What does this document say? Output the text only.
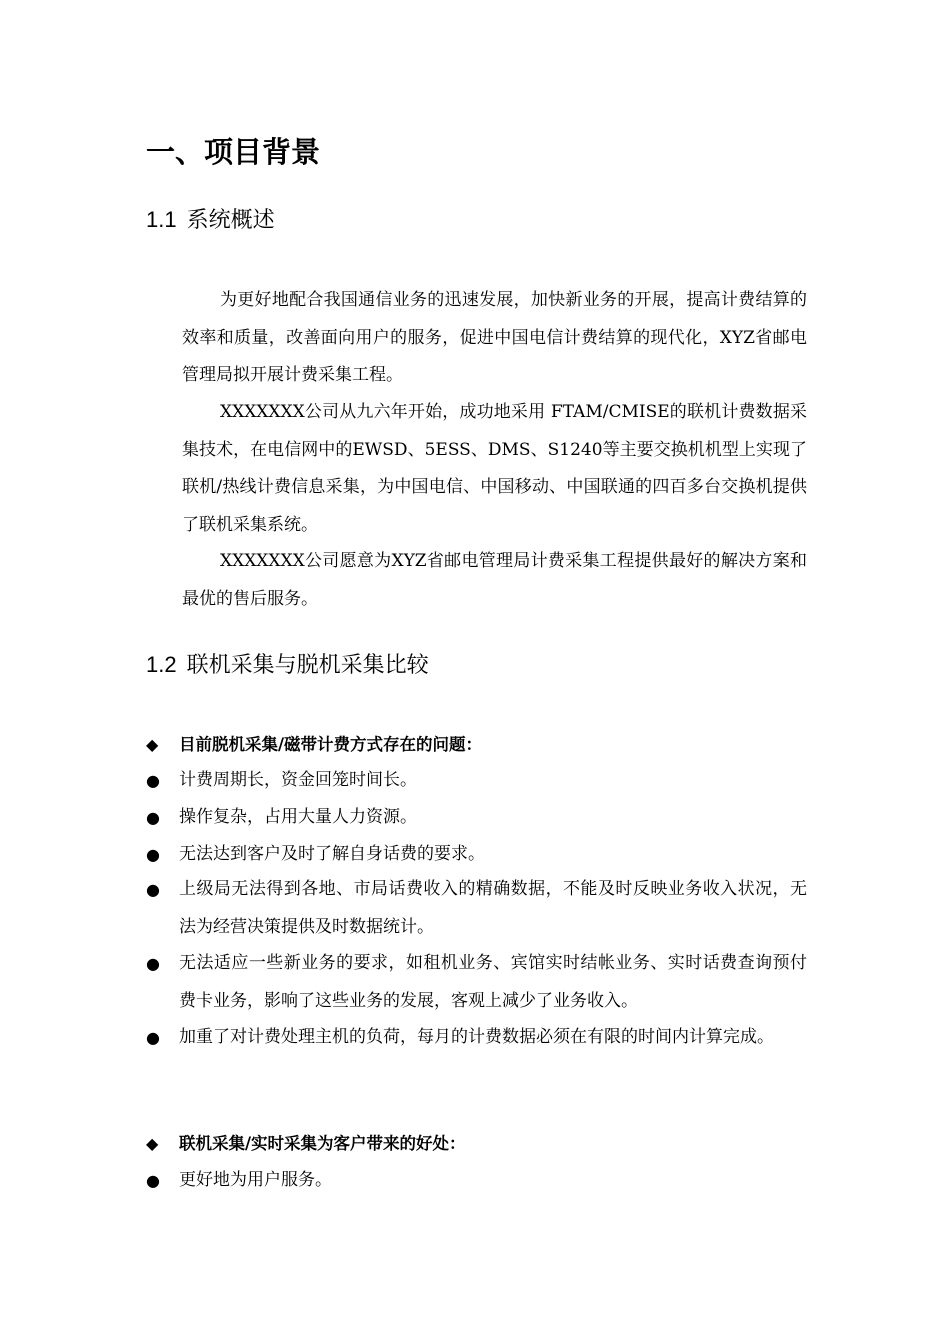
一、项目背景
1.1 系统概述

为更好地配合我国通信业务的迅速发展，加快新业务的开展，提高计费结算的效率和质量，改善面向用户的服务，促进中国电信计费结算的现代化，XYZ省邮电管理局拟开展计费采集工程。

XXXXXXX公司从九六年开始，成功地采用 FTAM/CMISE的联机计费数据采集技术，在电信网中的EWSD、5ESS、DMS、S1240等主要交换机机型上实现了联机/热线计费信息采集，为中国电信、中国移动、中国联通的四百多台交换机提供了联机采集系统。

XXXXXXX公司愿意为XYZ省邮电管理局计费采集工程提供最好的解决方案和最优的售后服务。

1.2 联机采集与脱机采集比较
◆ 目前脱机采集/磁带计费方式存在的问题：
●	计费周期长，资金回笼时间长。
●	操作复杂，占用大量人力资源。
●	无法达到客户及时了解自身话费的要求。
●	上级局无法得到各地、市局话费收入的精确数据，不能及时反映业务收入状况，无法为经营决策提供及时数据统计。
●	无法适应一些新业务的要求，如租机业务、宾馆实时结帐业务、实时话费查询预付费卡业务，影响了这些业务的发展，客观上减少了业务收入。
●	加重了对计费处理主机的负荷，每月的计费数据必须在有限的时间内计算完成。
◆ 联机采集/实时采集为客户带来的好处：
●	更好地为用户服务。
